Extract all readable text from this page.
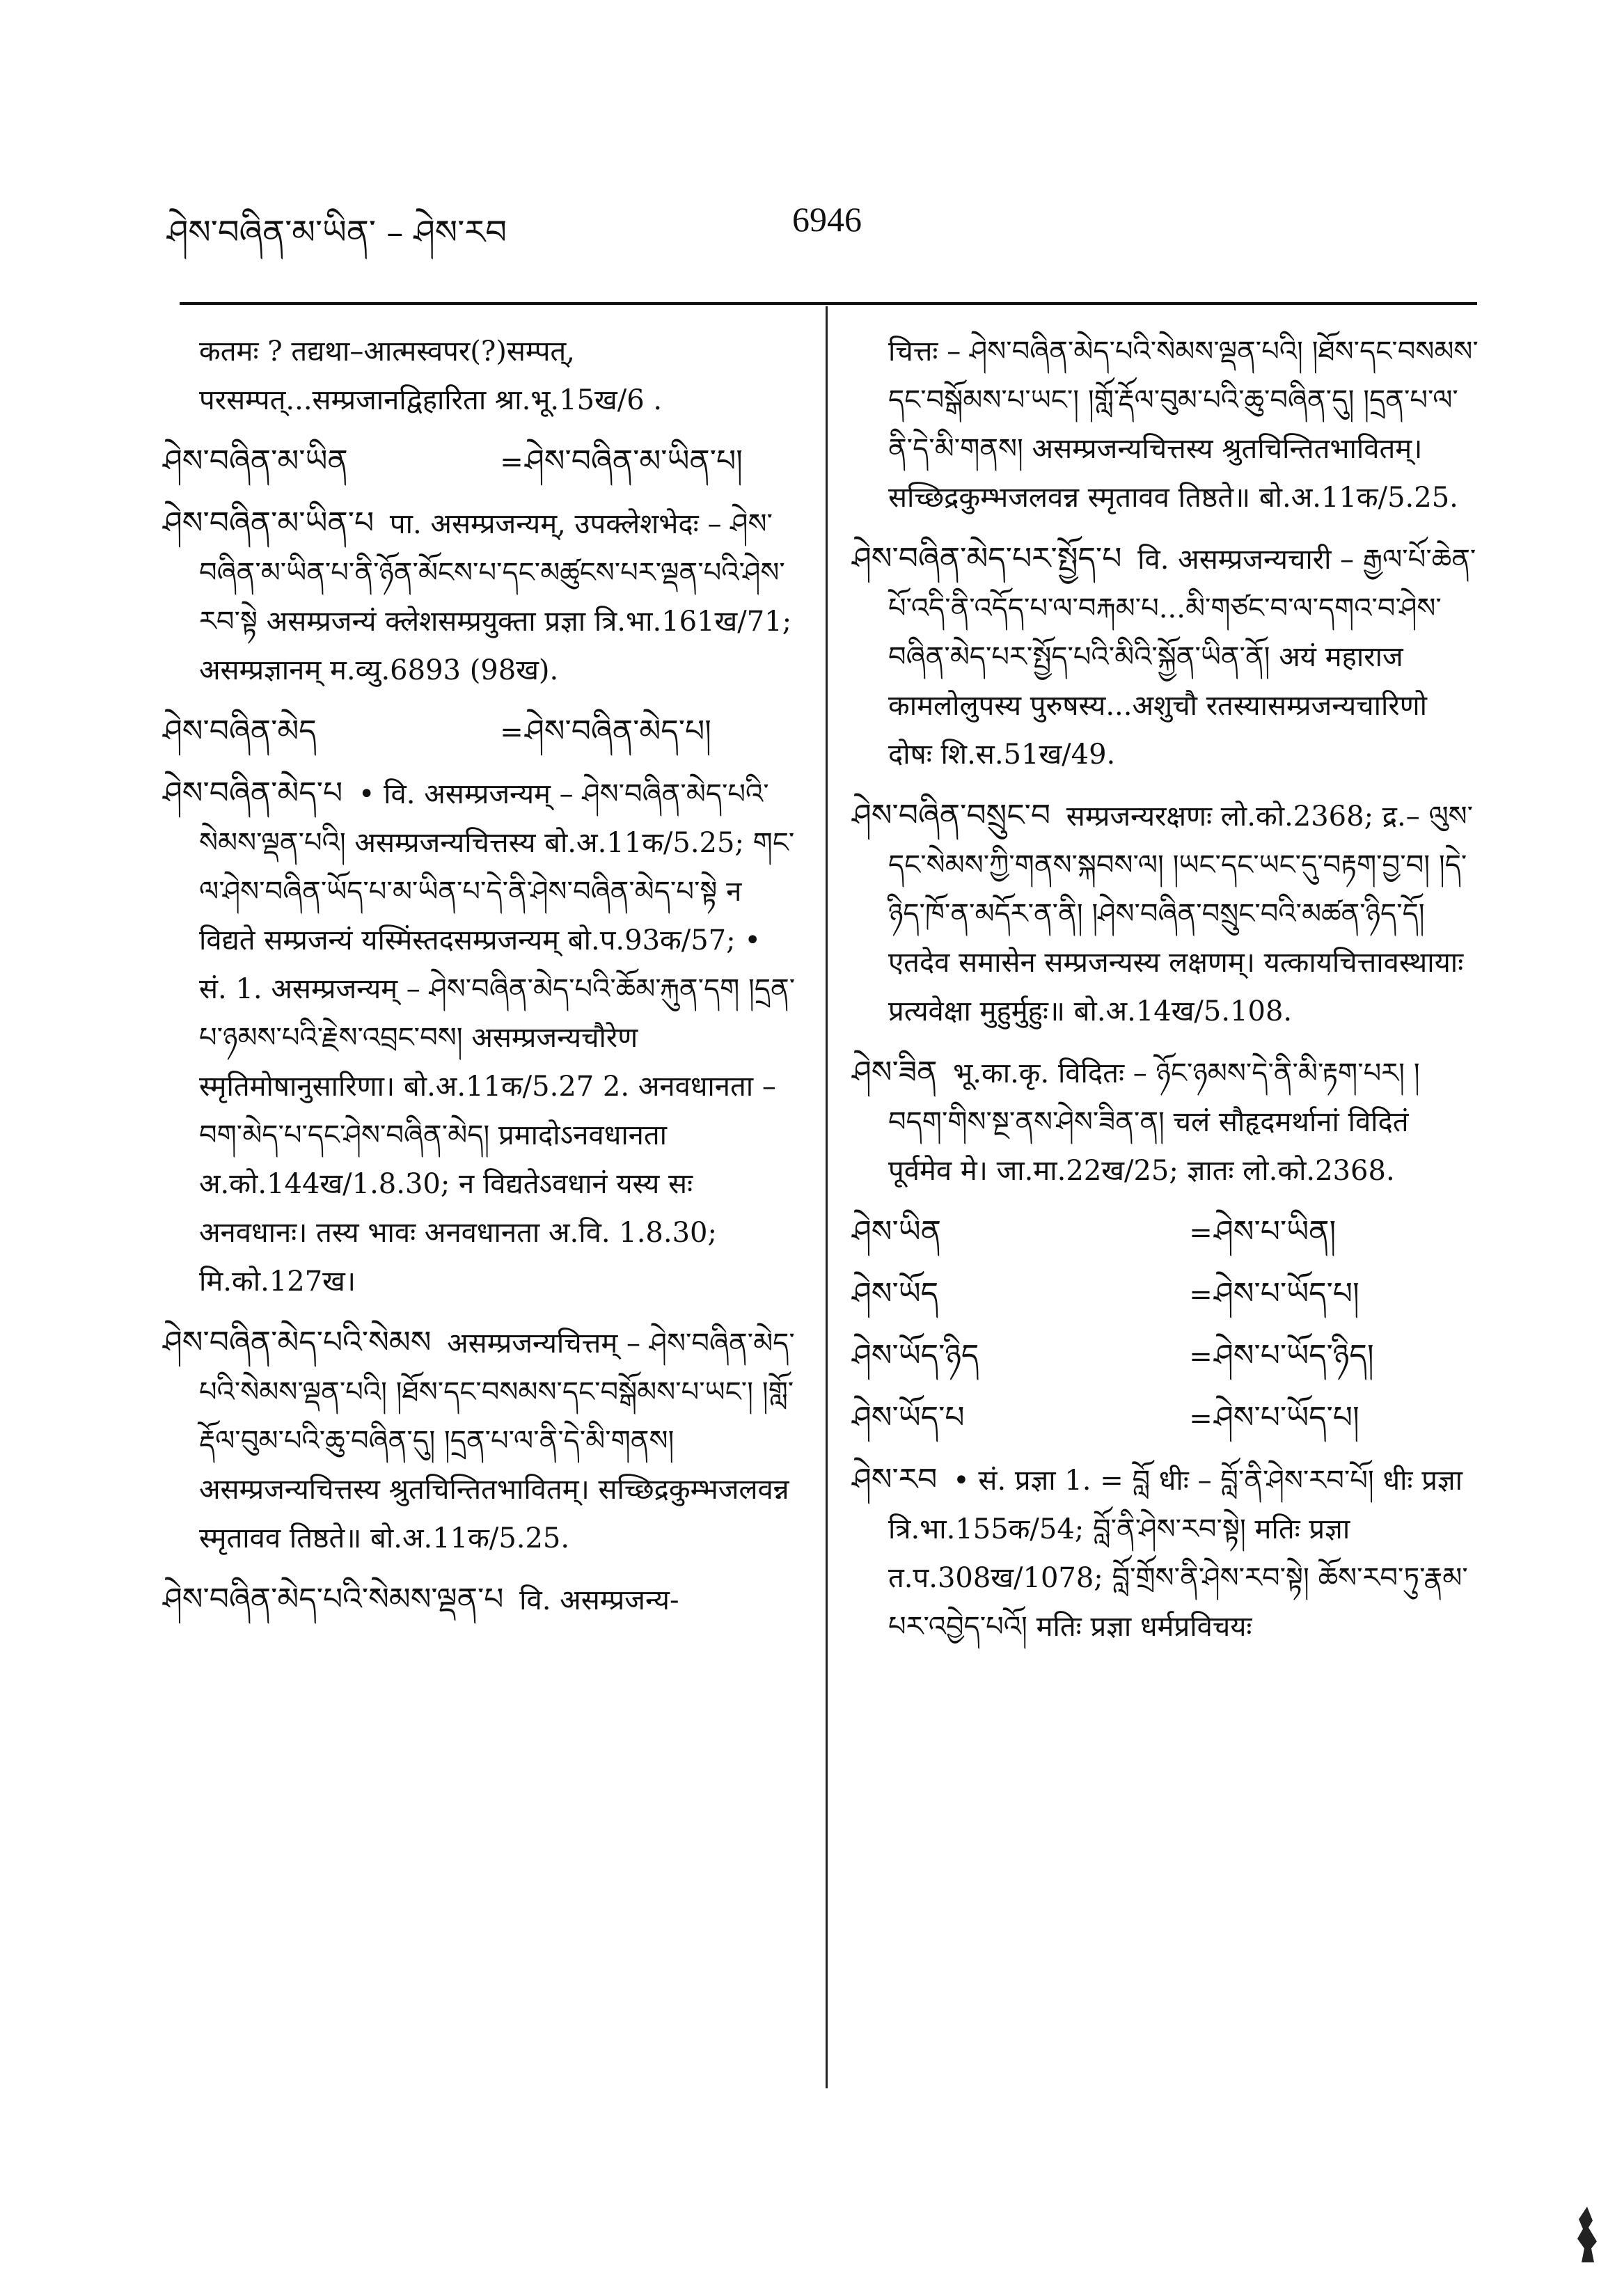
ཤེས་བཞིན་མ་ཡིན་ – ཤེས་རབ	6946
कतमः ? तद्यथा–आत्मस्वपर(?)सम्पत्, परसम्पत्...सम्प्रजानद्विहारिता श्रा.भू.15ख/6 .
ཤེས་བཞིན་མ་ཡིན	= ཤེས་བཞིན་མ་ཡིན་པ།
ཤེས་བཞིན་མ་ཡིན་པ पा. असम्प्रजन्यम्, उपक्लेशभेदः – ཤེས་བཞིན་མ་ཡིན་པ་ནི་ཉོན་མོངས་པ་དང་མཚུངས་པར་ལྡན་པའི་ཤེས་རབ་སྟེ असम्प्रजन्यं क्लेशसम्प्रयुक्ता प्रज्ञा त्रि.भा.161ख/71; असम्प्रज्ञानम् म.व्यु.6893 (98ख).
ཤེས་བཞིན་མེད	= ཤེས་བཞིན་མེད་པ།
ཤེས་བཞིན་མེད་པ • वि. असम्प्रजन्यम् – ཤེས་བཞིན་མེད་པའི་སེམས་ལྡན་པའི། असम्प्रजन्यचित्तस्य बो.अ.11क/5.25; གང་ལ་ཤེས་བཞིན་ཡོད་པ་མ་ཡིན་པ་དེ་ནི་ཤེས་བཞིན་མེད་པ་སྟེ न विद्यते सम्प्रजन्यं यस्मिंस्तदसम्प्रजन्यम् बो.प.93क/57; • सं. 1. असम्प्रजन्यम् – ཤེས་བཞིན་མེད་པའི་ཆོམ་རྐུན་དག །དྲན་པ་ཉམས་པའི་རྗེས་འབྲང་བས། असम्प्रजन्यचौरेण स्मृतिमोषानुसारिणा। बो.अ.11क/5.27 2. अनवधानता – བག་མེད་པ་དང་ཤེས་བཞིན་མེད། प्रमादोऽनवधानता अ.को.144ख/1.8.30; न विद्यतेऽवधानं यस्य सः अनवधानः। तस्य भावः अनवधानता अ.वि. 1.8.30; मि.को.127ख।
ཤེས་བཞིན་མེད་པའི་སེམས असम्प्रजन्यचित्तम् – ཤེས་བཞིན་མེད་པའི་སེམས་ལྡན་པའི། །ཐོས་དང་བསམས་དང་བསྒོམས་པ་ཡང་། །གློ་རྡོལ་བུམ་པའི་ཆུ་བཞིན་དུ། །དྲན་པ་ལ་ནི་དེ་མི་གནས། असम्प्रजन्यचित्तस्य श्रुतचिन्तितभावितम्। सच्छिद्रकुम्भजलवन्न स्मृतावव तिष्ठते॥ बो.अ.11क/5.25.
ཤེས་བཞིན་མེད་པའི་སེམས་ལྡན་པ वि. असम्प्रजन्य-
चित्तः – ཤེས་བཞིན་མེད་པའི་སེམས་ལྡན་པའི། །ཐོས་དང་བསམས་དང་བསྒོམས་པ་ཡང་། །གློ་རྡོལ་བུམ་པའི་ཆུ་བཞིན་དུ། །དྲན་པ་ལ་ནི་དེ་མི་གནས། असम्प्रजन्यचित्तस्य श्रुतचिन्तितभावितम्। सच्छिद्रकुम्भजलवन्न स्मृतावव तिष्ठते॥ बो.अ.11क/5.25.
ཤེས་བཞིན་མེད་པར་སྤྱོད་པ वि. असम्प्रजन्यचारी – རྒྱལ་པོ་ཆེན་པོ་འདི་ནི་འདོད་པ་ལ་བརྐམ་པ...མི་གཙང་བ་ལ་དགའ་བ་ཤེས་བཞིན་མེད་པར་སྤྱོད་པའི་མིའི་སྐྱོན་ཡིན་ནོ། अयं महाराज कामलोलुपस्य पुरुषस्य...अशुचौ रतस्यासम्प्रजन्यचारिणो दोषः शि.स.51ख/49.
ཤེས་བཞིན་བསྲུང་བ सम्प्रजन्यरक्षणः लो.को.2368; द्र.– ལུས་དང་སེམས་ཀྱི་གནས་སྐབས་ལ། །ཡང་དང་ཡང་དུ་བརྟག་བྱ་བ། །དེ་ཉིད་ཁོ་ན་མདོར་ན་ནི། །ཤེས་བཞིན་བསྲུང་བའི་མཚན་ཉིད་དོ། एतदेव समासेन सम्प्रजन्यस्य लक्षणम्। यत्कायचित्तावस्थायाः प्रत्यवेक्षा मुहुर्मुहुः॥ बो.अ.14ख/5.108.
ཤེས་ཟིན भू.का.कृ. विदितः – ཉོང་ཉམས་དེ་ནི་མི་རྟག་པར། །བདག་གིས་སྔ་ནས་ཤེས་ཟིན་ན། चलं सौहृदमर्थानां विदितं पूर्वमेव मे। जा.मा.22ख/25; ज्ञातः लो.को.2368.
ཤེས་ཡིན	= ཤེས་པ་ཡིན།
ཤེས་ཡོད	= ཤེས་པ་ཡོད་པ།
ཤེས་ཡོད་ཉིད	= ཤེས་པ་ཡོད་ཉིད།
ཤེས་ཡོད་པ	= ཤེས་པ་ཡོད་པ།
ཤེས་རབ • सं. प्रज्ञा 1. = བློ धीः – བློ་ནི་ཤེས་རབ་པོ། धीः प्रज्ञा त्रि.भा.155क/54; བློ་ནི་ཤེས་རབ་སྟེ། मतिः प्रज्ञा त.प.308ख/1078; བློ་གྲོས་ནི་ཤེས་རབ་སྟེ། ཆོས་རབ་ཏུ་རྣམ་པར་འབྱེད་པའོ། मतिः प्रज्ञा धर्मप्रविचयः
